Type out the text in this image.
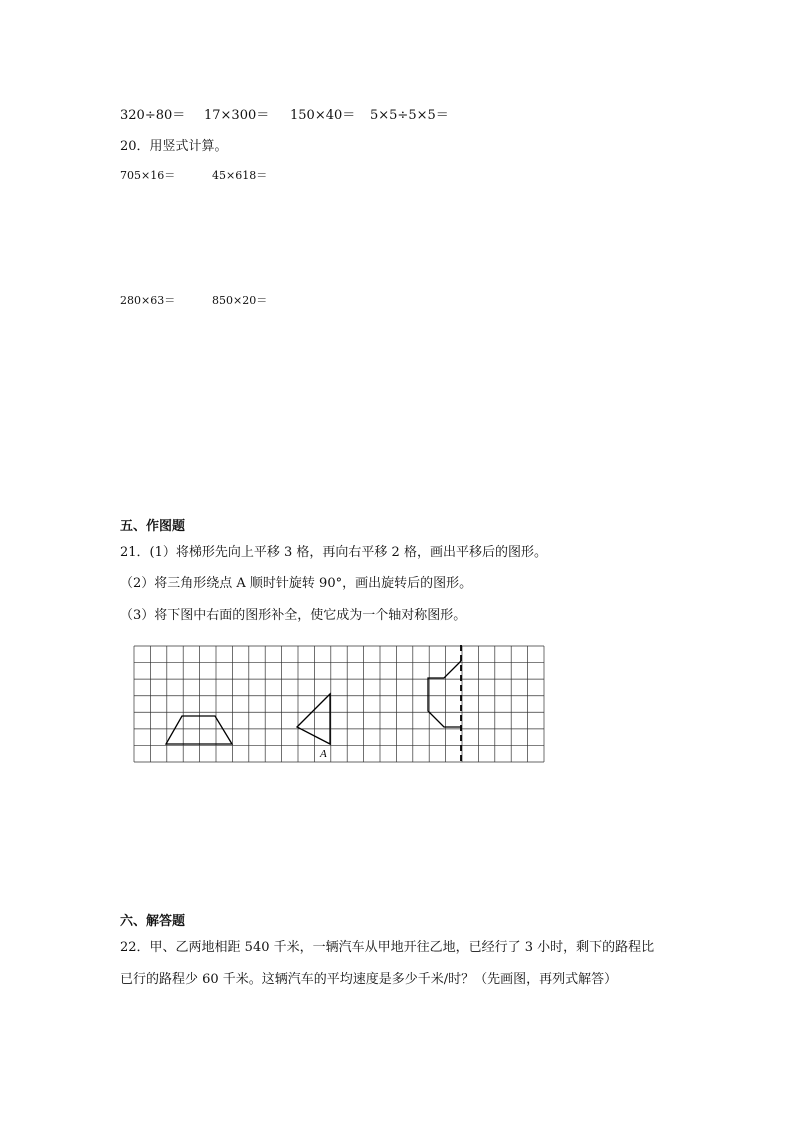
320÷80＝ 17×300＝ 150×40＝ 5×5÷5×5＝
20．用竖式计算。
705×16＝	45×618＝
280×63＝	850×20＝
五、作图题
21．(1）将梯形先向上平移 3 格，再向右平移 2 格，画出平移后的图形。
（2）将三角形绕点 A 顺时针旋转 90°，画出旋转后的图形。
（3）将下图中右面的图形补全，使它成为一个轴对称图形。
A
六、解答题
22．甲、乙两地相距 540 千米，一辆汽车从甲地开往乙地，已经行了 3 小时，剩下的路程比
已行的路程少 60 千米。这辆汽车的平均速度是多少千米/时？（先画图，再列式解答）
